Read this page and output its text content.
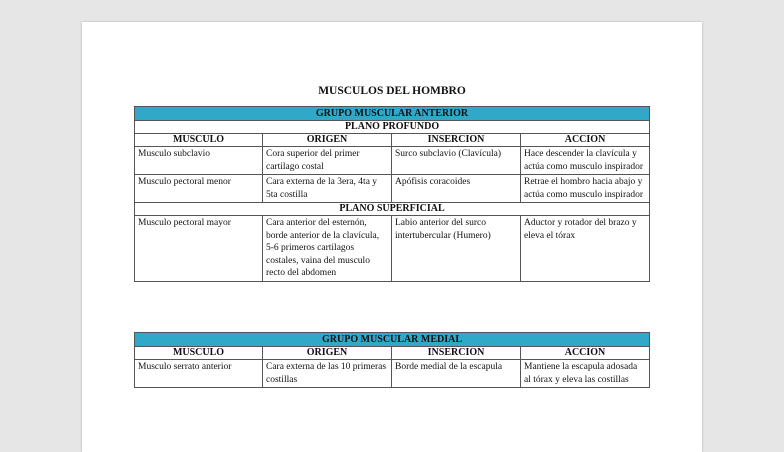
MUSCULOS DEL HOMBRO
GRUPO MUSCULAR ANTERIOR			
PLANO PROFUNDO			
MUSCULO	ORIGEN	INSERCION	ACCION
Musculo subclavio	Cora superior del primer cartilago costal	Surco subclavio (Clavícula)	Hace descender la clavícula y actúa como musculo inspirador
Musculo pectoral menor	Cara externa de la 3era, 4ta y 5ta costilla	Apófisis coracoides	Retrae el hombro hacia abajo y actúa como musculo inspirador
PLANO SUPERFICIAL			
Musculo pectoral mayor	Cara anterior del esternón, borde anterior de la clavícula, 5-6 primeros cartilagos costales, vaina del musculo recto del abdomen	Labio anterior del surco intertubercular (Humero)	Aductor y rotador del brazo y eleva el tórax
GRUPO MUSCULAR MEDIAL			
MUSCULO	ORIGEN	INSERCION	ACCION
Musculo serrato anterior	Cara externa de las 10 primeras costillas	Borde medial de la escapula	Mantiene la escapula adosada al tórax y eleva las costillas
